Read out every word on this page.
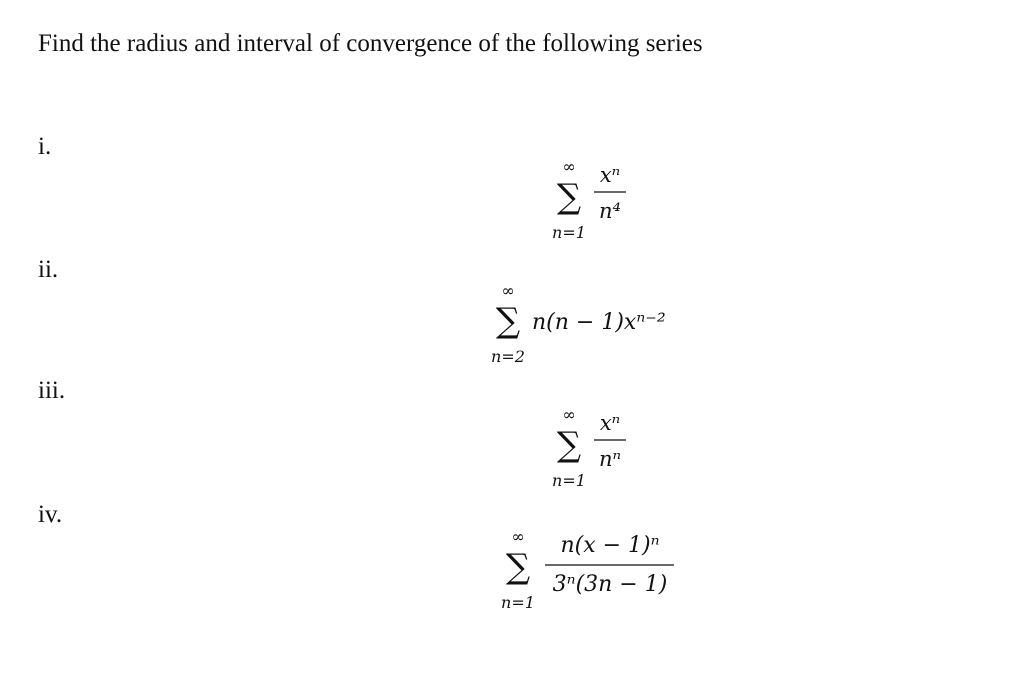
Find the radius and interval of convergence of the following series
i.
∞
∑
n=1
xⁿ
n⁴
ii.
∞
∑
n=2
n(n − 1)xⁿ⁻²
iii.
∞
∑
n=1
xⁿ
nⁿ
iv.
∞
∑
n=1
n(x − 1)ⁿ
3ⁿ(3n − 1)
